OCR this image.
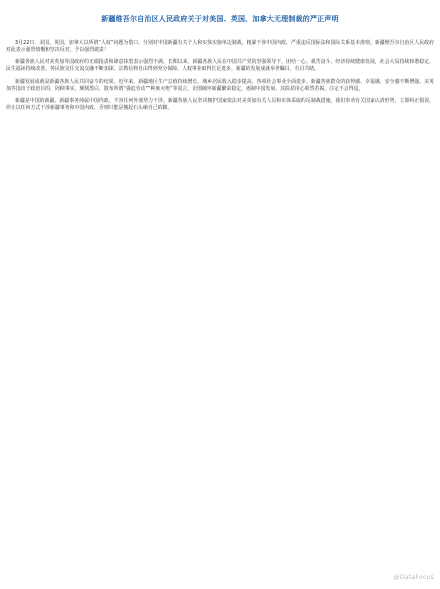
新疆维吾尔自治区人民政府关于对美国、英国、加拿大无理制裁的严正声明

3月22日，美国、英国、加拿大以所谓“人权”问题为借口，分别对中国新疆有关个人和实体实施单边制裁，粗暴干涉中国内政，严重违反国际法和国际关系基本准则。新疆维吾尔自治区人民政府对此表示强烈愤慨和坚决反对，予以强烈谴责！

新疆各族人民对美英加等国政府的无端指责和肆意抹黑表示强烈不满。长期以来，新疆各族人民在中国共产党的坚强领导下，团结一心、艰苦奋斗，经济持续健康发展，社会大局持续和谐稳定，民生福祉持续改善，各民族交往交流交融不断加深，宗教信仰自由得到充分保障，人权事业取得长足进步。新疆的发展成就举世瞩目，有目共睹。

新疆发展成就是新疆各族人民共同奋斗的结果。近年来，新疆地区生产总值持续增长，城乡居民收入稳步提高，各项社会事业全面进步。新疆各族群众的获得感、幸福感、安全感不断增强。美英加等国出于政治目的，罔顾事实、颠倒黑白，散布所谓“强迫劳动”“种族灭绝”等谎言，企图破坏新疆繁荣稳定，遏制中国发展，其险恶用心昭然若揭，注定不会得逞。

新疆是中国的新疆，新疆事务纯属中国内政，不容任何外部势力干涉。新疆各族人民坚决拥护国家依法对美英加有关人员和实体采取的反制裁措施。我们奉劝有关国家认清形势，立即纠正错误，停止以任何方式干涉新疆事务和中国内政，否则只能是搬起石头砸自己的脚。

@DataFocus
